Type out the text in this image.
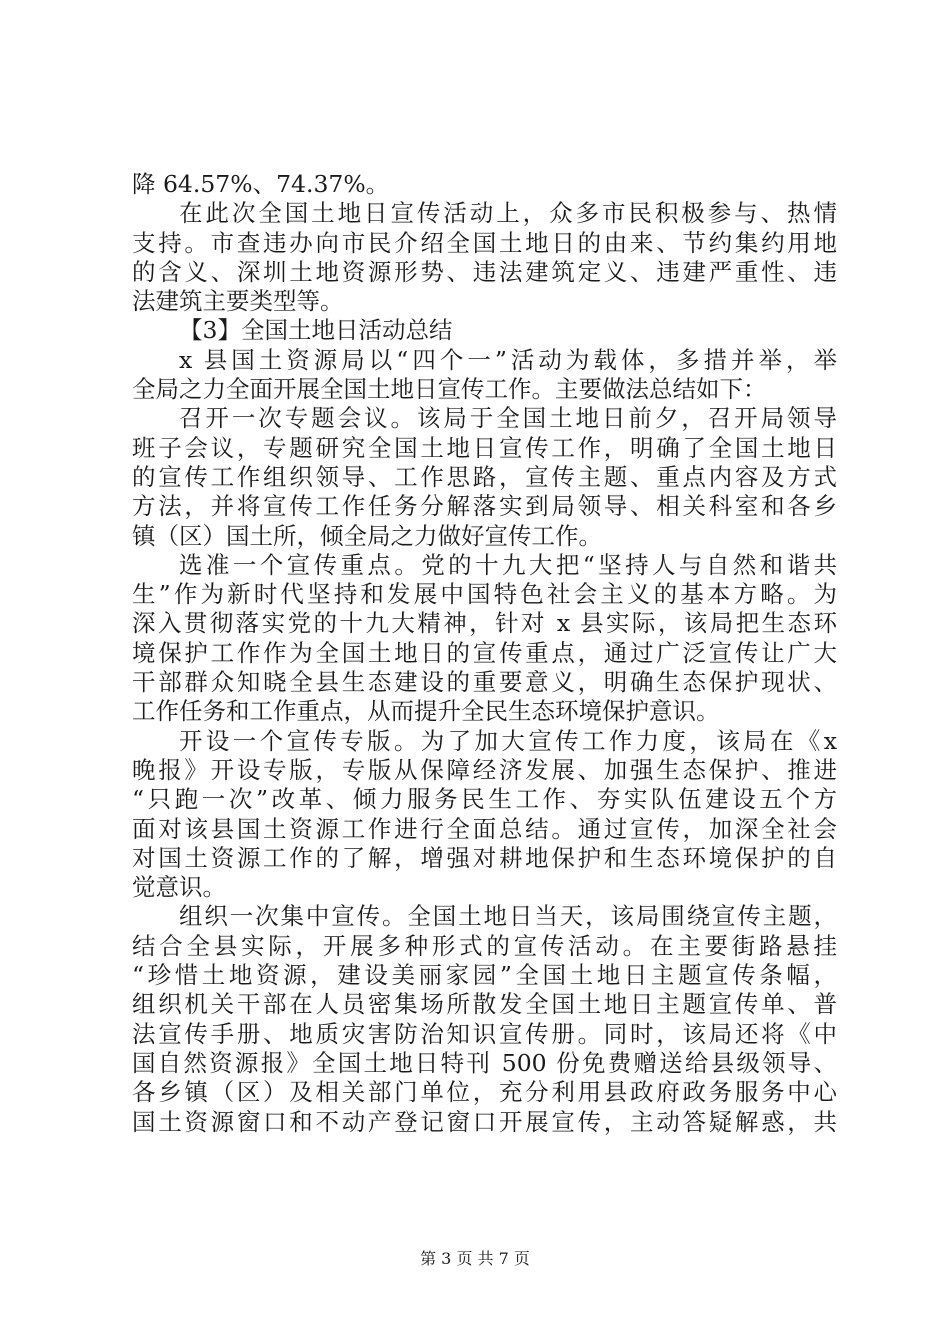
降 64.57%、74.37%。
在此次全国土地日宣传活动上，众多市民积极参与、热情
支持。市查违办向市民介绍全国土地日的由来、节约集约用地
的含义、深圳土地资源形势、违法建筑定义、违建严重性、违
法建筑主要类型等。
【3】全国土地日活动总结
x 县国土资源局以“四个一”活动为载体，多措并举，举
全局之力全面开展全国土地日宣传工作。主要做法总结如下：
召开一次专题会议。该局于全国土地日前夕，召开局领导
班子会议，专题研究全国土地日宣传工作，明确了全国土地日
的宣传工作组织领导、工作思路，宣传主题、重点内容及方式
方法，并将宣传工作任务分解落实到局领导、相关科室和各乡
镇（区）国土所，倾全局之力做好宣传工作。
选准一个宣传重点。党的十九大把“坚持人与自然和谐共
生”作为新时代坚持和发展中国特色社会主义的基本方略。为
深入贯彻落实党的十九大精神，针对 x 县实际，该局把生态环
境保护工作作为全国土地日的宣传重点，通过广泛宣传让广大
干部群众知晓全县生态建设的重要意义，明确生态保护现状、
工作任务和工作重点，从而提升全民生态环境保护意识。
开设一个宣传专版。为了加大宣传工作力度，该局在《x
晚报》开设专版，专版从保障经济发展、加强生态保护、推进
“只跑一次”改革、倾力服务民生工作、夯实队伍建设五个方
面对该县国土资源工作进行全面总结。通过宣传，加深全社会
对国土资源工作的了解，增强对耕地保护和生态环境保护的自
觉意识。
组织一次集中宣传。全国土地日当天，该局围绕宣传主题，
结合全县实际，开展多种形式的宣传活动。在主要街路悬挂
“珍惜土地资源，建设美丽家园”全国土地日主题宣传条幅，
组织机关干部在人员密集场所散发全国土地日主题宣传单、普
法宣传手册、地质灾害防治知识宣传册。同时，该局还将《中
国自然资源报》全国土地日特刊 500 份免费赠送给县级领导、
各乡镇（区）及相关部门单位，充分利用县政府政务服务中心
国土资源窗口和不动产登记窗口开展宣传，主动答疑解惑，共
第 3 页 共 7 页
